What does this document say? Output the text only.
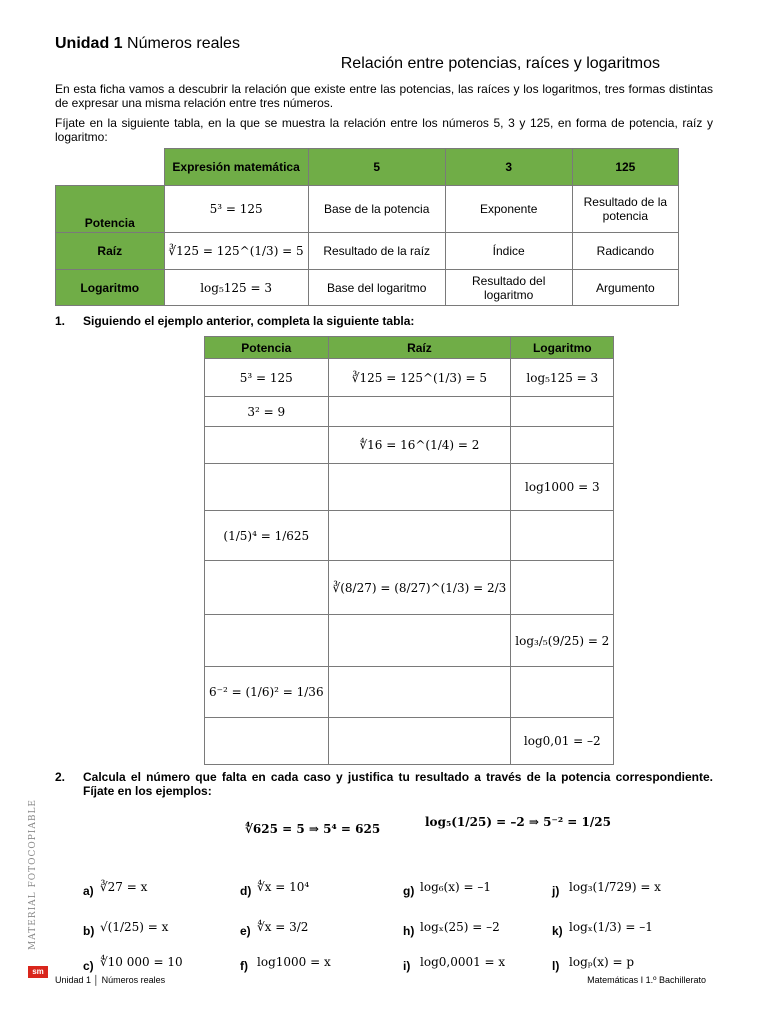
Unidad 1 Números reales
Relación entre potencias, raíces y logaritmos
En esta ficha vamos a descubrir la relación que existe entre las potencias, las raíces y los logaritmos, tres formas distintas de expresar una misma relación entre tres números.
Fíjate en la siguiente tabla, en la que se muestra la relación entre los números 5, 3 y 125, en forma de potencia, raíz y logaritmo:
	Expresión matemática	5	3	125
Potencia	5³ = 125	Base de la potencia	Exponente	Resultado de la potencia
Raíz	∛125 = 125^(1/3) = 5	Resultado de la raíz	Índice	Radicando
Logaritmo	log₅125 = 3	Base del logaritmo	Resultado del logaritmo	Argumento
1. Siguiendo el ejemplo anterior, completa la siguiente tabla:
Potencia	Raíz	Logaritmo
5³ = 125	∛125 = 125^(1/3) = 5	log₅125 = 3
3² = 9		
	∜16 = 16^(1/4) = 2	
		log1000 = 3
(1/5)⁴ = 1/625		
	∛(8/27) = (8/27)^(1/3) = 2/3	
		log₃/₅(9/25) = 2
6⁻² = (1/6)² = 1/36		
		log0,01 = –2
2. Calcula el número que falta en cada caso y justifica tu resultado a través de la potencia correspondiente. Fíjate en los ejemplos:
∜625 = 5 ⇒ 5⁴ = 625	log₅(1/25) = –2 ⇒ 5⁻² = 1/25
a) ∛27 = x
b) √(1/25) = x
c) ∜10 000 = 10
d) ∜x = 10⁴
e) ∜x = 3/2
f) log1000 = x
g) log₆(x) = –1
h) logₓ(25) = –2
i) log0,0001 = x
j) log₃(1/729) = x
k) logₓ(1/3) = –1
l) logₚ(x) = p
sm
MATERIAL FOTOCOPIABLE
Unidad 1 │ Números reales	Matemáticas I 1.º Bachillerato
